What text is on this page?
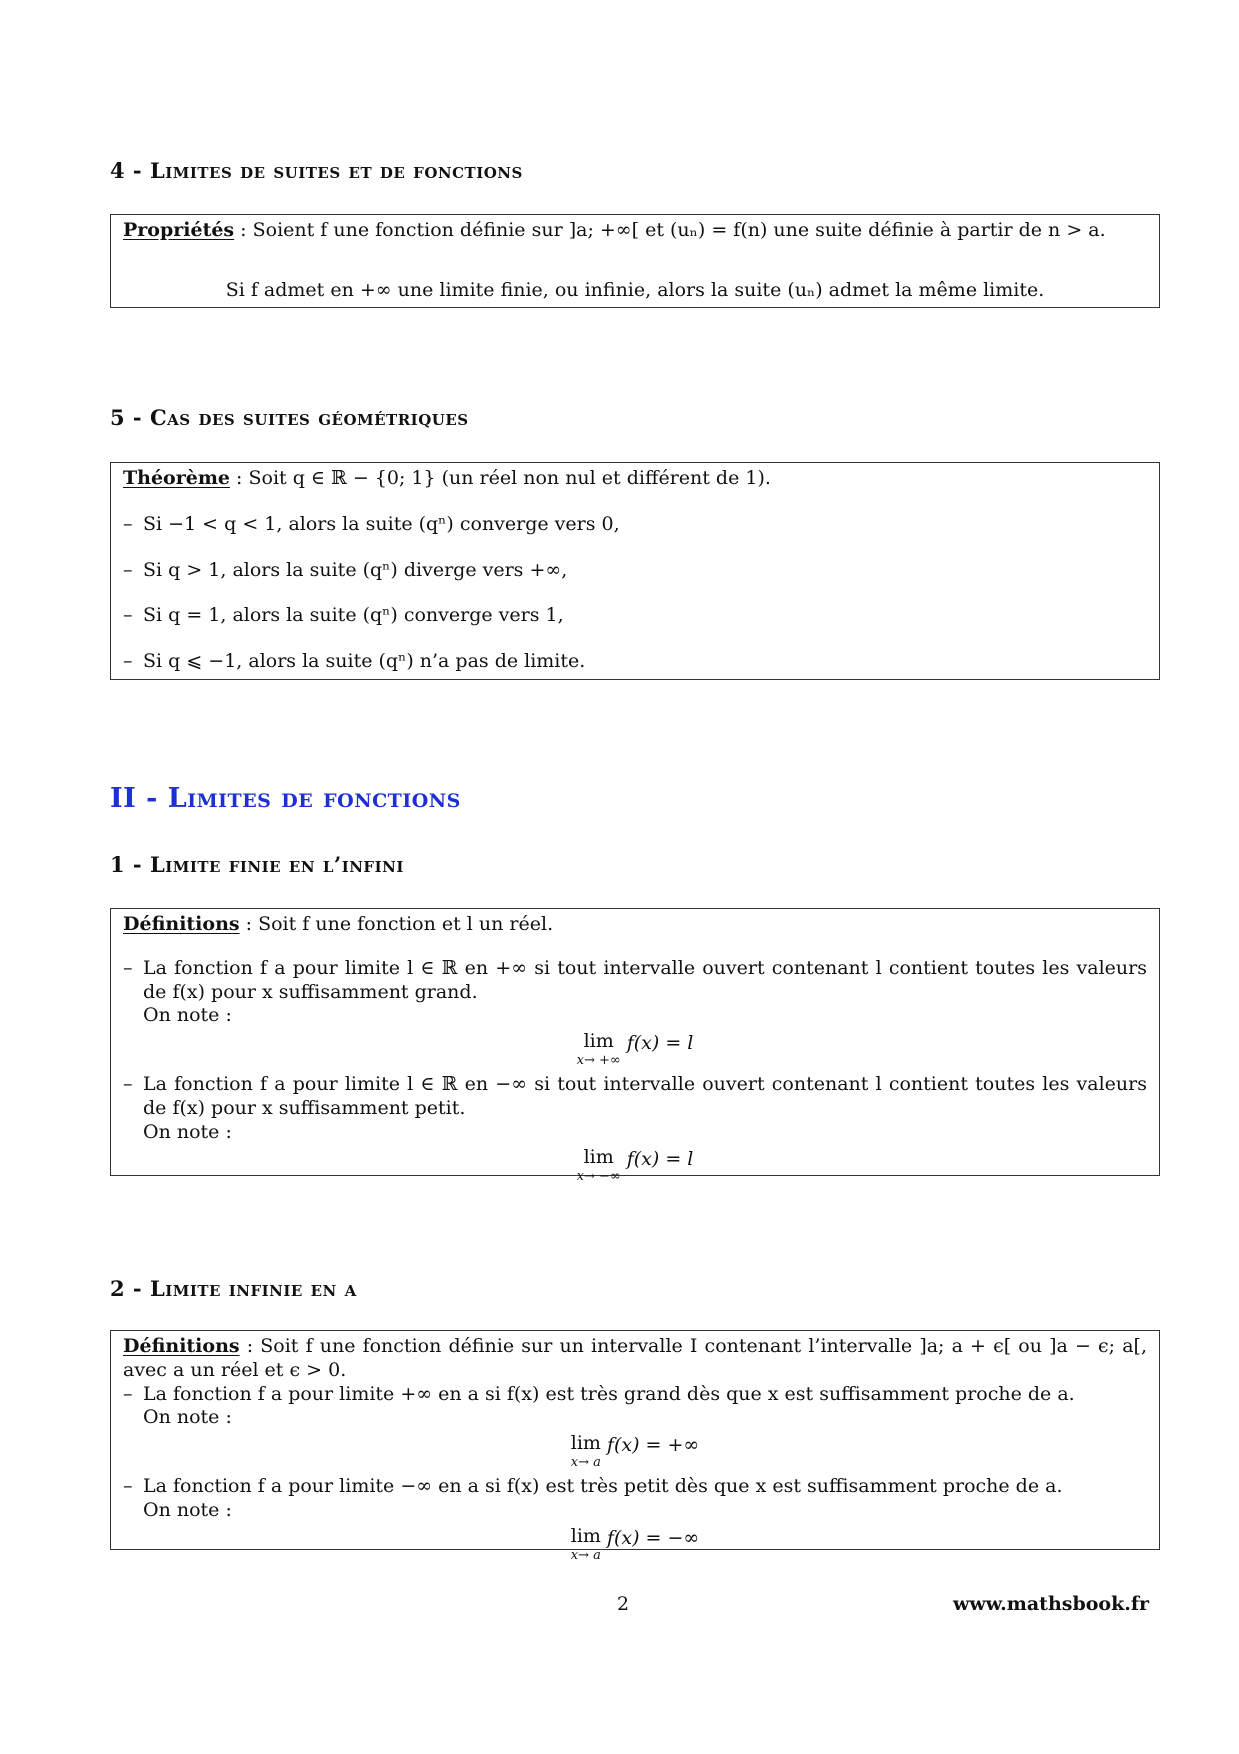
4 - Limites de suites et de fonctions

Propriétés : Soient f une fonction définie sur ]a; +∞[ et (uₙ) = f(n) une suite définie à partir de n > a.

Si f admet en +∞ une limite finie, ou infinie, alors la suite (uₙ) admet la même limite.

5 - Cas des suites géométriques

Théorème : Soit q ∈ ℝ − {0; 1} (un réel non nul et différent de 1).

– Si −1 < q < 1, alors la suite (qⁿ) converge vers 0,

– Si q > 1, alors la suite (qⁿ) diverge vers +∞,

– Si q = 1, alors la suite (qⁿ) converge vers 1,

– Si q ⩽ −1, alors la suite (qⁿ) n’a pas de limite.

II - Limites de fonctions
1 - Limite finie en l’infini

Définitions : Soit f une fonction et l un réel.

– La fonction f a pour limite l ∈ ℝ en +∞ si tout intervalle ouvert contenant l contient toutes les valeurs de f(x) pour x suffisamment grand.

On note :

lim
x→ +∞
f(x) = l

– La fonction f a pour limite l ∈ ℝ en −∞ si tout intervalle ouvert contenant l contient toutes les valeurs de f(x) pour x suffisamment petit.

On note :

lim
x→ −∞
f(x) = l
2 - Limite infinie en a

Définitions : Soit f une fonction définie sur un intervalle I contenant l’intervalle ]a; a + ϵ[ ou ]a − ϵ; a[, avec a un réel et ϵ > 0.

– La fonction f a pour limite +∞ en a si f(x) est très grand dès que x est suffisamment proche de a.

On note :

lim
x→ a
f(x) = +∞

– La fonction f a pour limite −∞ en a si f(x) est très petit dès que x est suffisamment proche de a.

On note :

lim
x→ a
f(x) = −∞
2	www.mathsbook.fr
